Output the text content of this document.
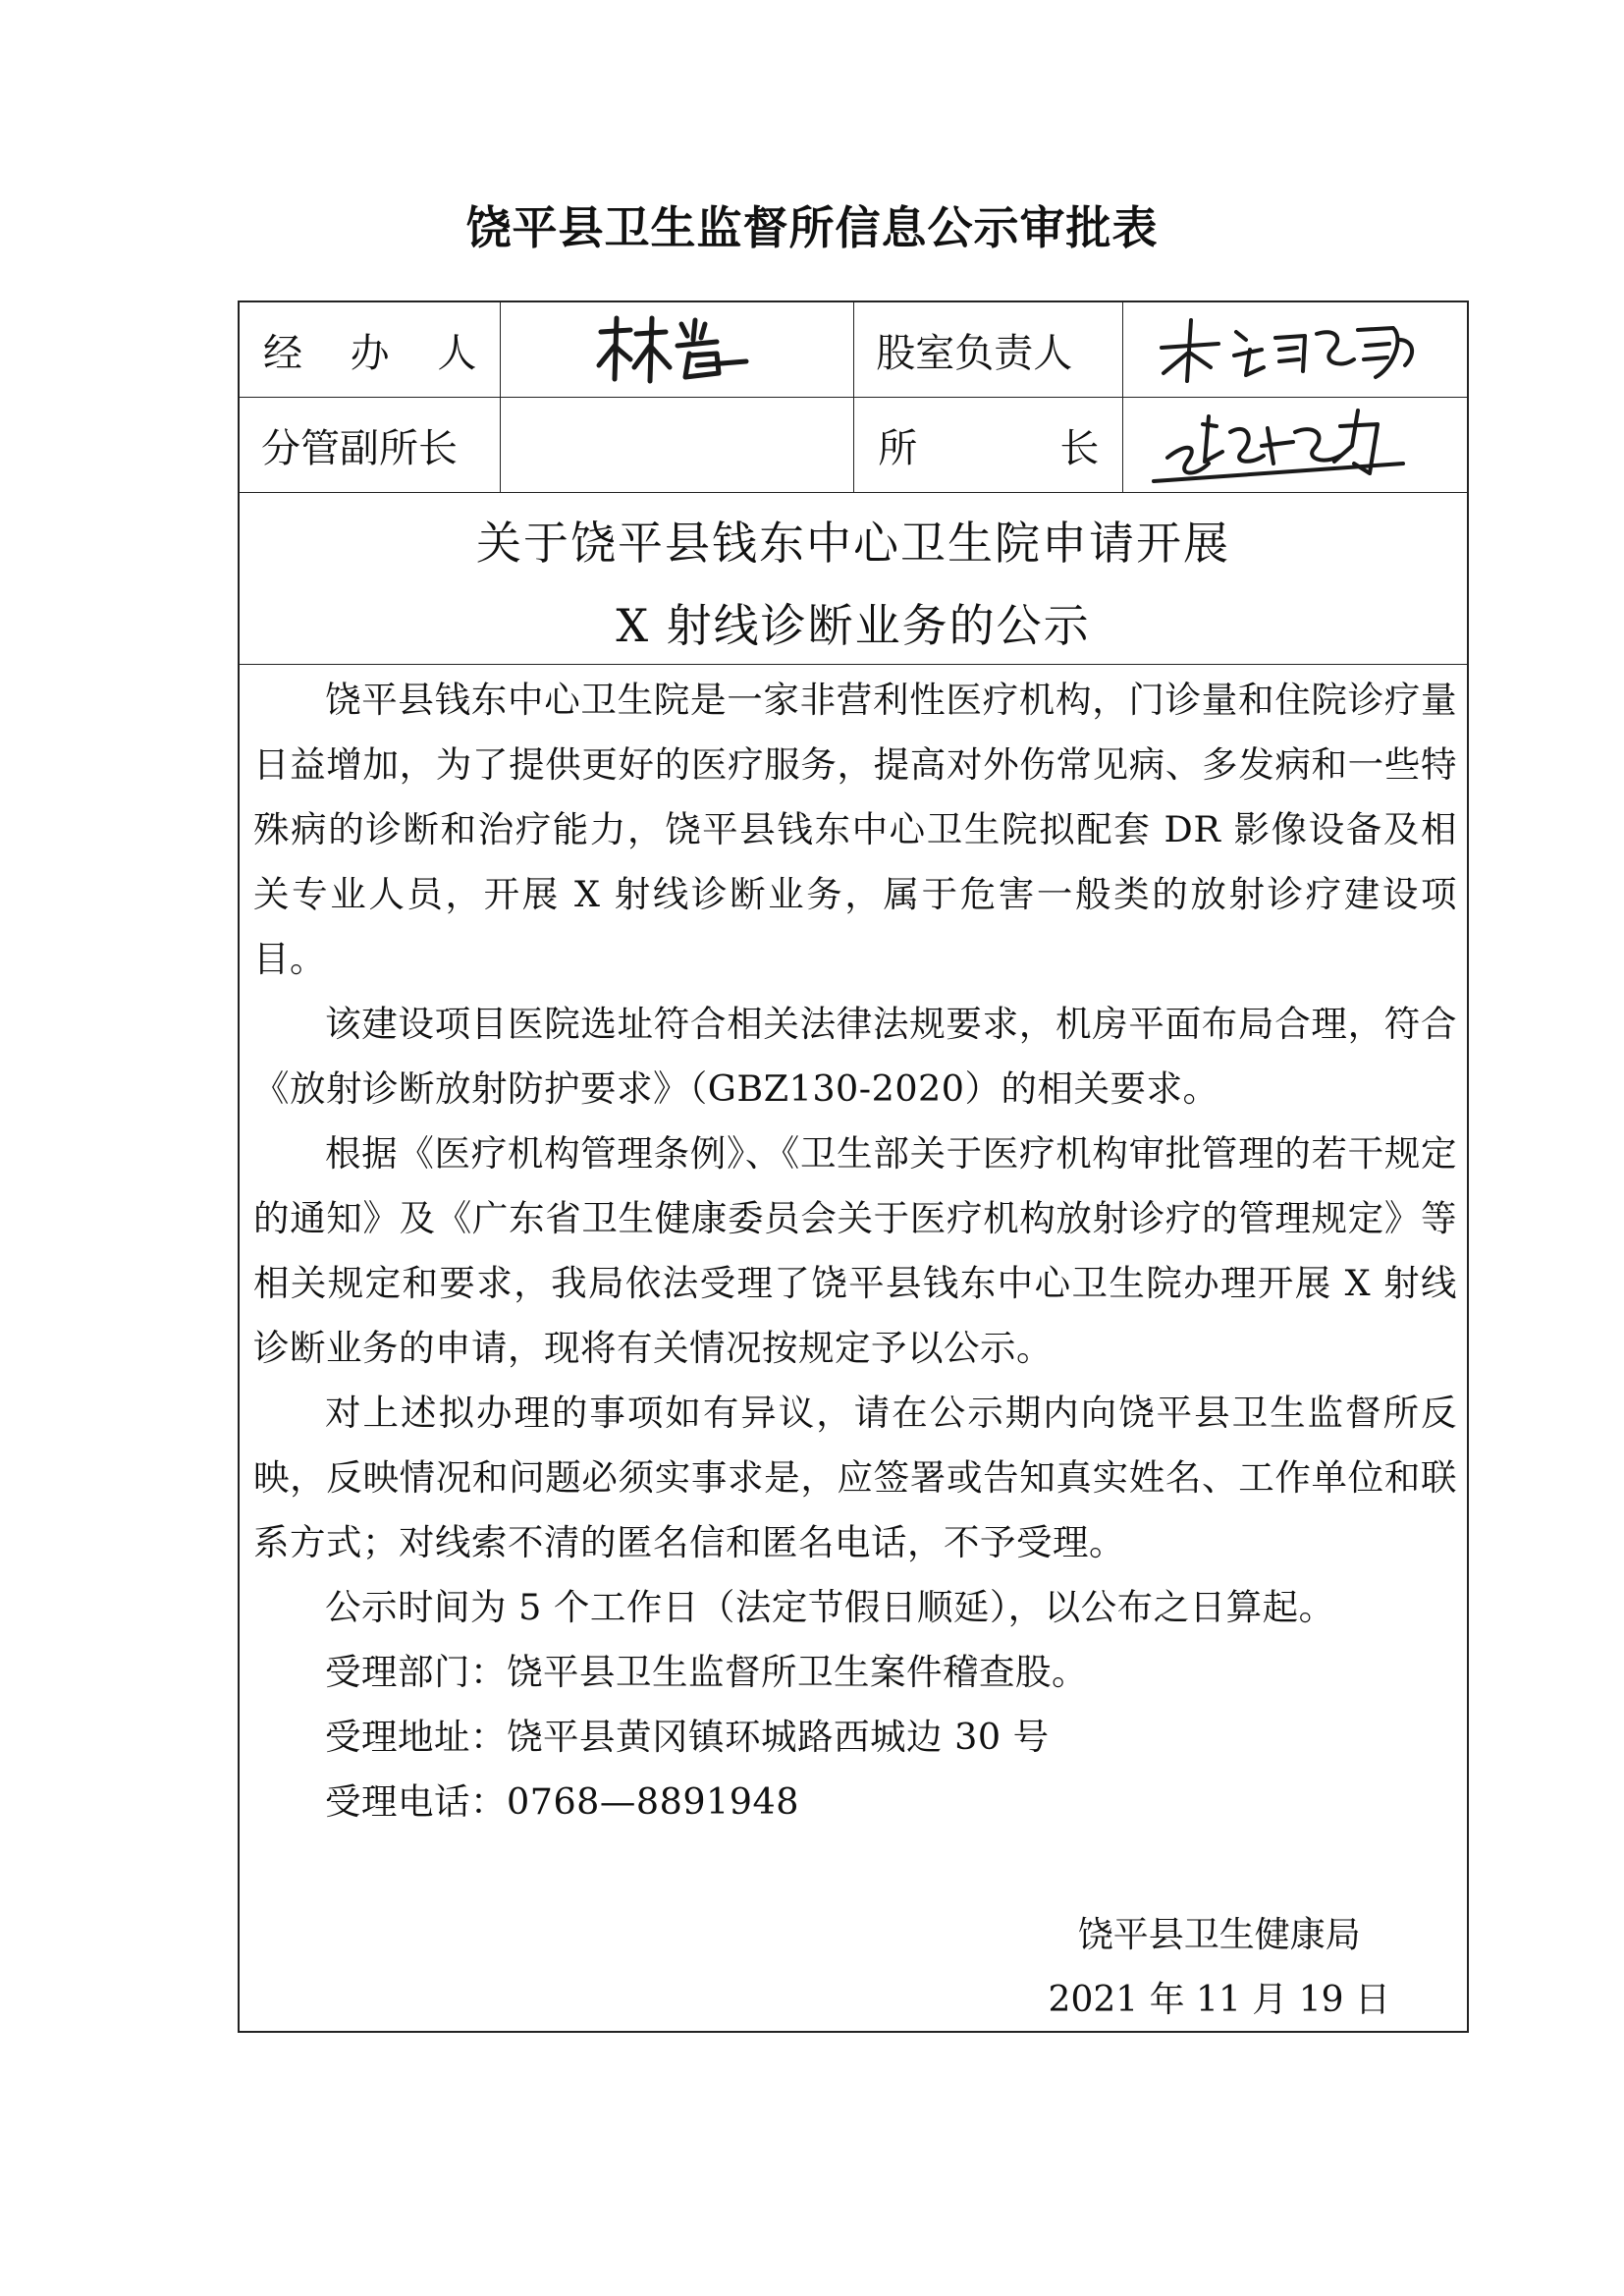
饶平县卫生监督所信息公示审批表
经 办 人		股室负责人

分管副所长		所 长

关于饶平县钱东中心卫生院申请开展
X 射线诊断业务的公示

饶平县钱东中心卫生院是一家非营利性医疗机构，门诊量和住院诊疗量日益增加，为了提供更好的医疗服务，提高对外伤常见病、多发病和一些特殊病的诊断和治疗能力，饶平县钱东中心卫生院拟配套 DR 影像设备及相关专业人员，开展 X 射线诊断业务，属于危害一般类的放射诊疗建设项目。

该建设项目医院选址符合相关法律法规要求，机房平面布局合理，符合《放射诊断放射防护要求》（GBZ130-2020）的相关要求。

根据《医疗机构管理条例》、《卫生部关于医疗机构审批管理的若干规定的通知》及《广东省卫生健康委员会关于医疗机构放射诊疗的管理规定》等相关规定和要求，我局依法受理了饶平县钱东中心卫生院办理开展 X 射线诊断业务的申请，现将有关情况按规定予以公示。

对上述拟办理的事项如有异议，请在公示期内向饶平县卫生监督所反映，反映情况和问题必须实事求是，应签署或告知真实姓名、工作单位和联系方式；对线索不清的匿名信和匿名电话，不予受理。

公示时间为 5 个工作日（法定节假日顺延），以公布之日算起。

受理部门：饶平县卫生监督所卫生案件稽查股。

受理地址：饶平县黄冈镇环城路西城边 30 号

受理电话：0768—8891948

饶平县卫生健康局
2021 年 11 月 19 日
